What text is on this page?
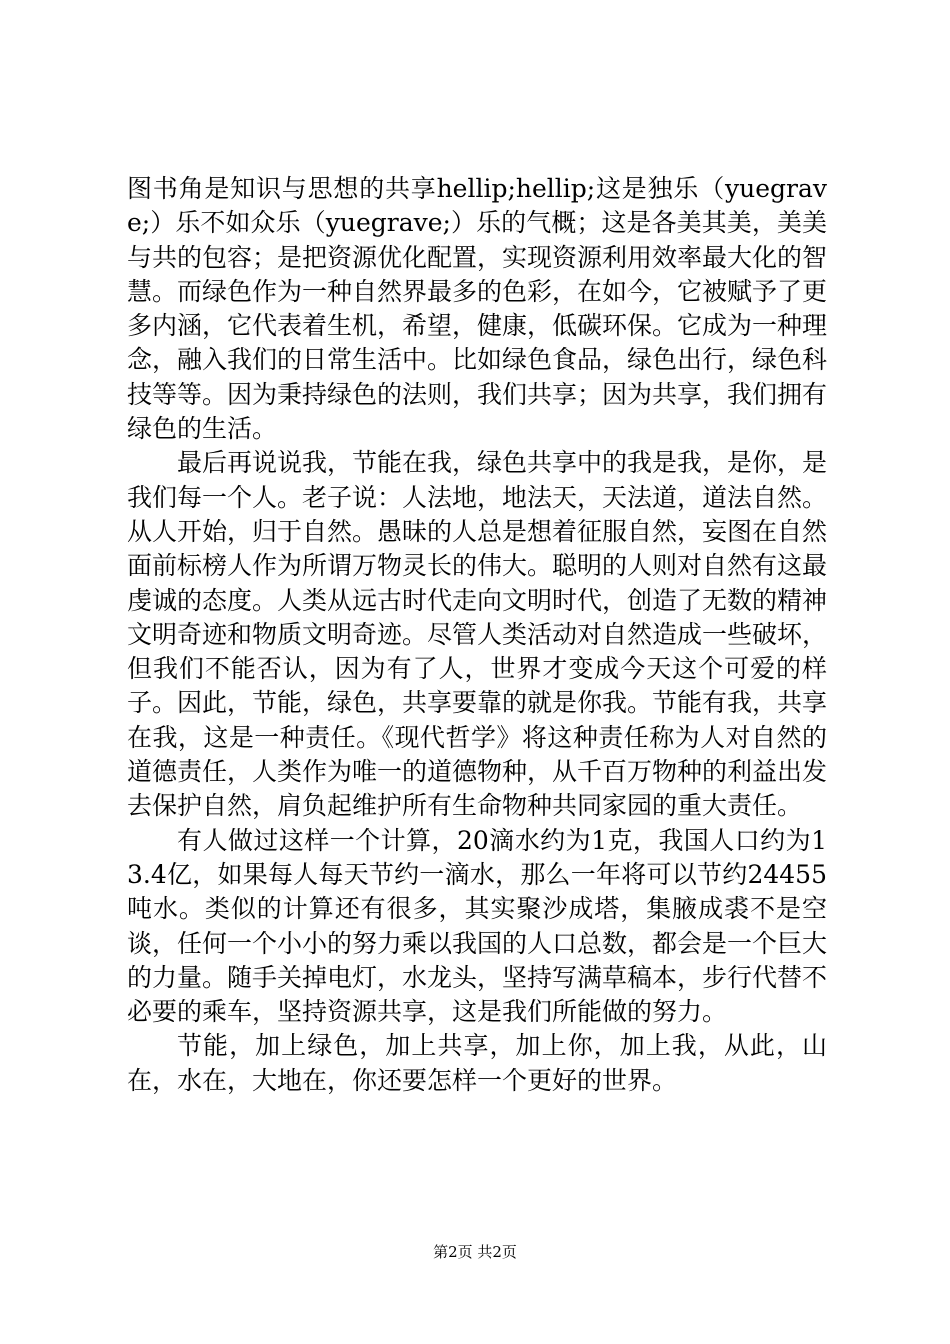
图书角是知识与思想的共享hellip;hellip;这是独乐（yuegrave;）乐不如众乐（yuegrave;）乐的气概；这是各美其美，美美与共的包容；是把资源优化配置，实现资源利用效率最大化的智慧。而绿色作为一种自然界最多的色彩，在如今，它被赋予了更多内涵，它代表着生机，希望，健康，低碳环保。它成为一种理念，融入我们的日常生活中。比如绿色食品，绿色出行，绿色科技等等。因为秉持绿色的法则，我们共享；因为共享，我们拥有绿色的生活。

最后再说说我，节能在我，绿色共享中的我是我，是你，是我们每一个人。老子说：人法地，地法天，天法道，道法自然。从人开始，归于自然。愚昧的人总是想着征服自然，妄图在自然面前标榜人作为所谓万物灵长的伟大。聪明的人则对自然有这最虔诚的态度。人类从远古时代走向文明时代，创造了无数的精神文明奇迹和物质文明奇迹。尽管人类活动对自然造成一些破坏，但我们不能否认，因为有了人，世界才变成今天这个可爱的样子。因此，节能，绿色，共享要靠的就是你我。节能有我，共享在我，这是一种责任。《现代哲学》将这种责任称为人对自然的道德责任，人类作为唯一的道德物种，从千百万物种的利益出发去保护自然，肩负起维护所有生命物种共同家园的重大责任。

有人做过这样一个计算，20滴水约为1克，我国人口约为13.4亿，如果每人每天节约一滴水，那么一年将可以节约24455吨水。类似的计算还有很多，其实聚沙成塔，集腋成裘不是空谈，任何一个小小的努力乘以我国的人口总数，都会是一个巨大的力量。随手关掉电灯，水龙头，坚持写满草稿本，步行代替不必要的乘车，坚持资源共享，这是我们所能做的努力。

节能，加上绿色，加上共享，加上你，加上我，从此，山在，水在，大地在，你还要怎样一个更好的世界。

第2页 共2页
